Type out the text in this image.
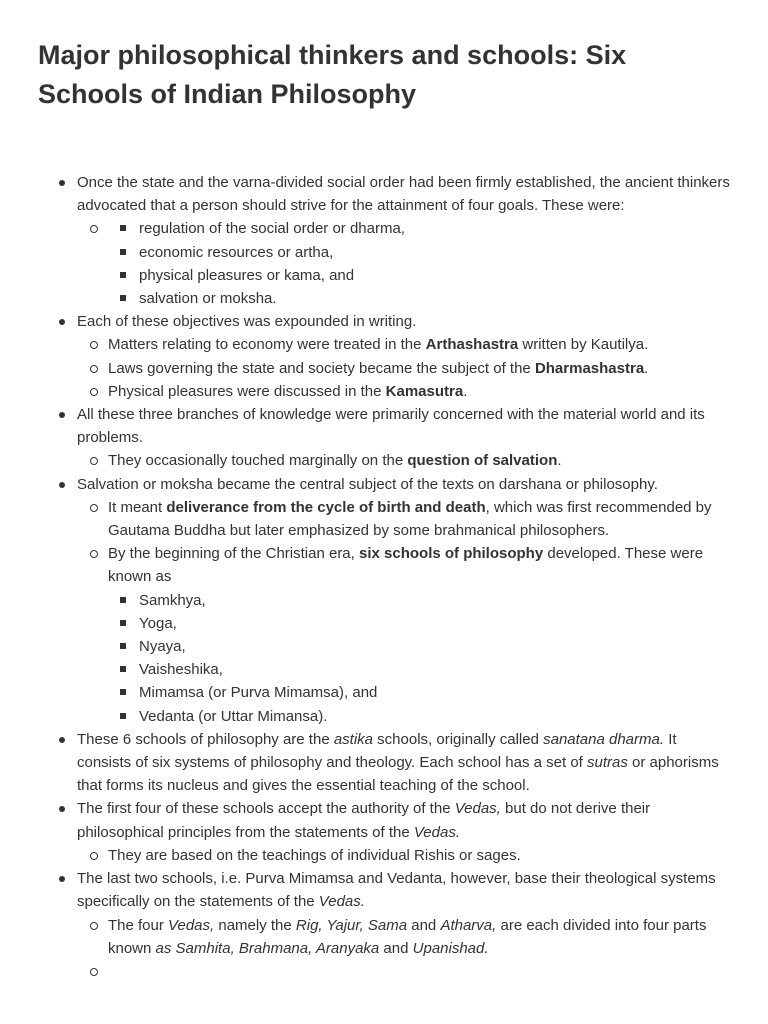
Major philosophical thinkers and schools: Six Schools of Indian Philosophy
Once the state and the varna-divided social order had been firmly established, the ancient thinkers advocated that a person should strive for the attainment of four goals. These were:
regulation of the social order or dharma,
economic resources or artha,
physical pleasures or kama, and
salvation or moksha.
Each of these objectives was expounded in writing.
Matters relating to economy were treated in the Arthashastra written by Kautilya.
Laws governing the state and society became the subject of the Dharmashastra.
Physical pleasures were discussed in the Kamasutra.
All these three branches of knowledge were primarily concerned with the material world and its problems.
They occasionally touched marginally on the question of salvation.
Salvation or moksha became the central subject of the texts on darshana or philosophy.
It meant deliverance from the cycle of birth and death, which was first recommended by Gautama Buddha but later emphasized by some brahmanical philosophers.
By the beginning of the Christian era, six schools of philosophy developed. These were known as
Samkhya,
Yoga,
Nyaya,
Vaisheshika,
Mimamsa (or Purva Mimamsa), and
Vedanta (or Uttar Mimansa).
These 6 schools of philosophy are the astika schools, originally called sanatana dharma. It consists of six systems of philosophy and theology. Each school has a set of sutras or aphorisms that forms its nucleus and gives the essential teaching of the school.
The first four of these schools accept the authority of the Vedas, but do not derive their philosophical principles from the statements of the Vedas.
They are based on the teachings of individual Rishis or sages.
The last two schools, i.e. Purva Mimamsa and Vedanta, however, base their theological systems specifically on the statements of the Vedas.
The four Vedas, namely the Rig, Yajur, Sama and Atharva, are each divided into four parts known as Samhita, Brahmana, Aranyaka and Upanishad.
